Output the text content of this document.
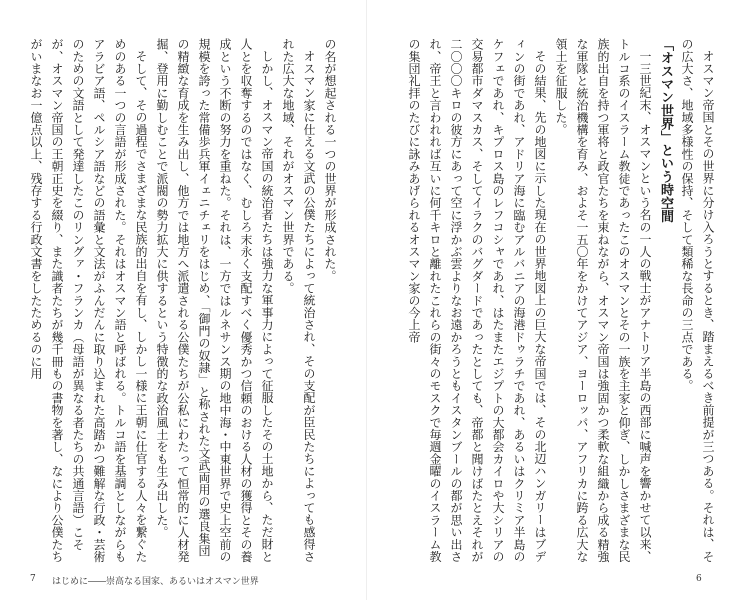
の名が想起される一つの世界が形成された。

オスマン家に仕える文武の公僕たちによって統治され、その支配が臣民たちによっても感得された広大な地域、それがオスマン世界である。

しかし、オスマン帝国の統治者たちは強力な軍事力によって征服したその土地から、ただ財と人とを収奪するのではなく、むしろ末永く支配すべく優秀かつ信頼のおける人材の獲得とその養成という不断の努力を重ねた。それは、一方ではルネサンス期の地中海・中東世界で史上空前の規模を誇った常備歩兵軍イェニチェリをはじめ、「御門の奴隷」と称された文武両用の選良集団の精緻な育成を生み出し、他方では地方へ派遣される公僕たちが公私にわたって恒常的に人材発掘、登用に勤しむことで派閥の勢力拡大に供するという特徴的な政治風土をも生み出した。

そして、その過程でさまざまな民族的出自を有し、しかし一様に王朝に仕官する人々を繋ぐためのある一つの言語が形成された。それはオスマン語と呼ばれる。トルコ語を基調としながらもアラビア語、ペルシア語などの語彙と文法がふんだんに取り込まれた高踏かつ難解な行政・芸術のための文語として発達したこのリングァ・フランカ（母語が異なる者たちの共通言語）こそが、オスマン帝国の王朝正史を綴り、また識者たちが幾千冊もの書物を著し、なにより公僕たちがいまなお一億点以上、残存する行政文書をしたためるのに用

7 はじめに――崇高なる国家、あるいはオスマン世界

オスマン帝国とその世界に分け入ろうとするとき、踏まえるべき前提が三つある。それは、その広大さ、地域多様性の保持、そして類稀な長命の三点である。

「オスマン世界」という時空間

一三世紀末、オスマンという名の一人の戦士がアナトリア半島の西部に喊声を響かせて以来、トルコ系のイスラーム教徒であったこのオスマンとその一族を主家と仰ぎ、しかしさまざまな民族的出自を持つ軍将と政官たちを束ねながら、オスマン帝国は強固かつ柔軟な組織から成る精強な軍隊と統治機構を育み、およそ一五〇年をかけてアジア、ヨーロッパ、アフリカに跨る広大な領土を征服した。

その結果、先の地図に示した現在の世界地図上の巨大な帝国では、その北辺ハンガリーはブディンの街であれ、アドリア海に臨むアルバニアの海港ドゥラチであれ、あるいはクリミア半島のケフェであれ、キプロス島のレフコシャであれ、はたまたエジプトの大都会カイロや大シリアの交易都市ダマスカス、そしてイラクのバグダードであったとしても、帝都と聞けばたとえそれが二〇〇〇キロの彼方にあって空に浮かぶ雲よりなお遠かろうともイスタンブールの都が思い出され、帝王と言われれば互いに何千キロと離れたこれらの街々のモスクで毎週金曜のイスラーム教の集団礼拝のたびに詠みあげられるオスマン家の今上帝

6
